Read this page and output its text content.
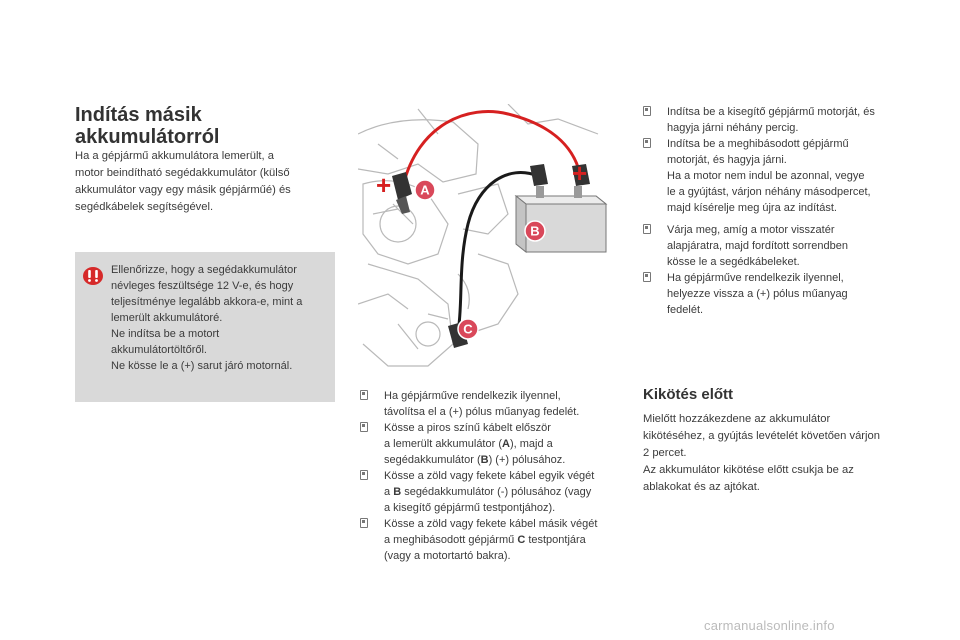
Indítás másik
akkumulátorról

Ha a gépjármű akkumulátora lemerült, a

motor beindítható segédakkumulátor (külső

akkumulátor vagy egy másik gépjárműé) és

segédkábelek segítségével.

Ellenőrizze, hogy a segédakkumulátor
névleges feszültsége 12 V-e, és hogy
teljesítménye legalább akkora-e, mint a
lemerült akkumulátoré.
Ne indítsa be a motort
akkumulátortöltőről.
Ne kösse le a (+) sarut járó motornál.
+	+
A
B
C
Ha gépjárműve rendelkezik ilyennel,
távolítsa el a (+) pólus műanyag fedelét.
Kösse a piros színű kábelt először
a lemerült akkumulátor (A), majd a
segédakkumulátor (B) (+) pólusához.
Kösse a zöld vagy fekete kábel egyik végét
a B segédakkumulátor (-) pólusához (vagy
a kisegítő gépjármű testpontjához).
Kösse a zöld vagy fekete kábel másik végét
a meghibásodott gépjármű C testpontjára
(vagy a motortartó bakra).
Indítsa be a kisegítő gépjármű motorját, és
hagyja járni néhány percig.
Indítsa be a meghibásodott gépjármű
motorját, és hagyja járni.
Ha a motor nem indul be azonnal, vegye
le a gyújtást, várjon néhány másodpercet,
majd kísérelje meg újra az indítást.
Várja meg, amíg a motor visszatér
alapjáratra, majd fordított sorrendben
kösse le a segédkábeleket.
Ha gépjárműve rendelkezik ilyennel,
helyezze vissza a (+) pólus műanyag
fedelét.
Kikötés előtt

Mielőtt hozzákezdene az akkumulátor

kikötéséhez, a gyújtás levételét követően várjon

2 percet.

Az akkumulátor kikötése előtt csukja be az

ablakokat és az ajtókat.

carmanualsonline.info
